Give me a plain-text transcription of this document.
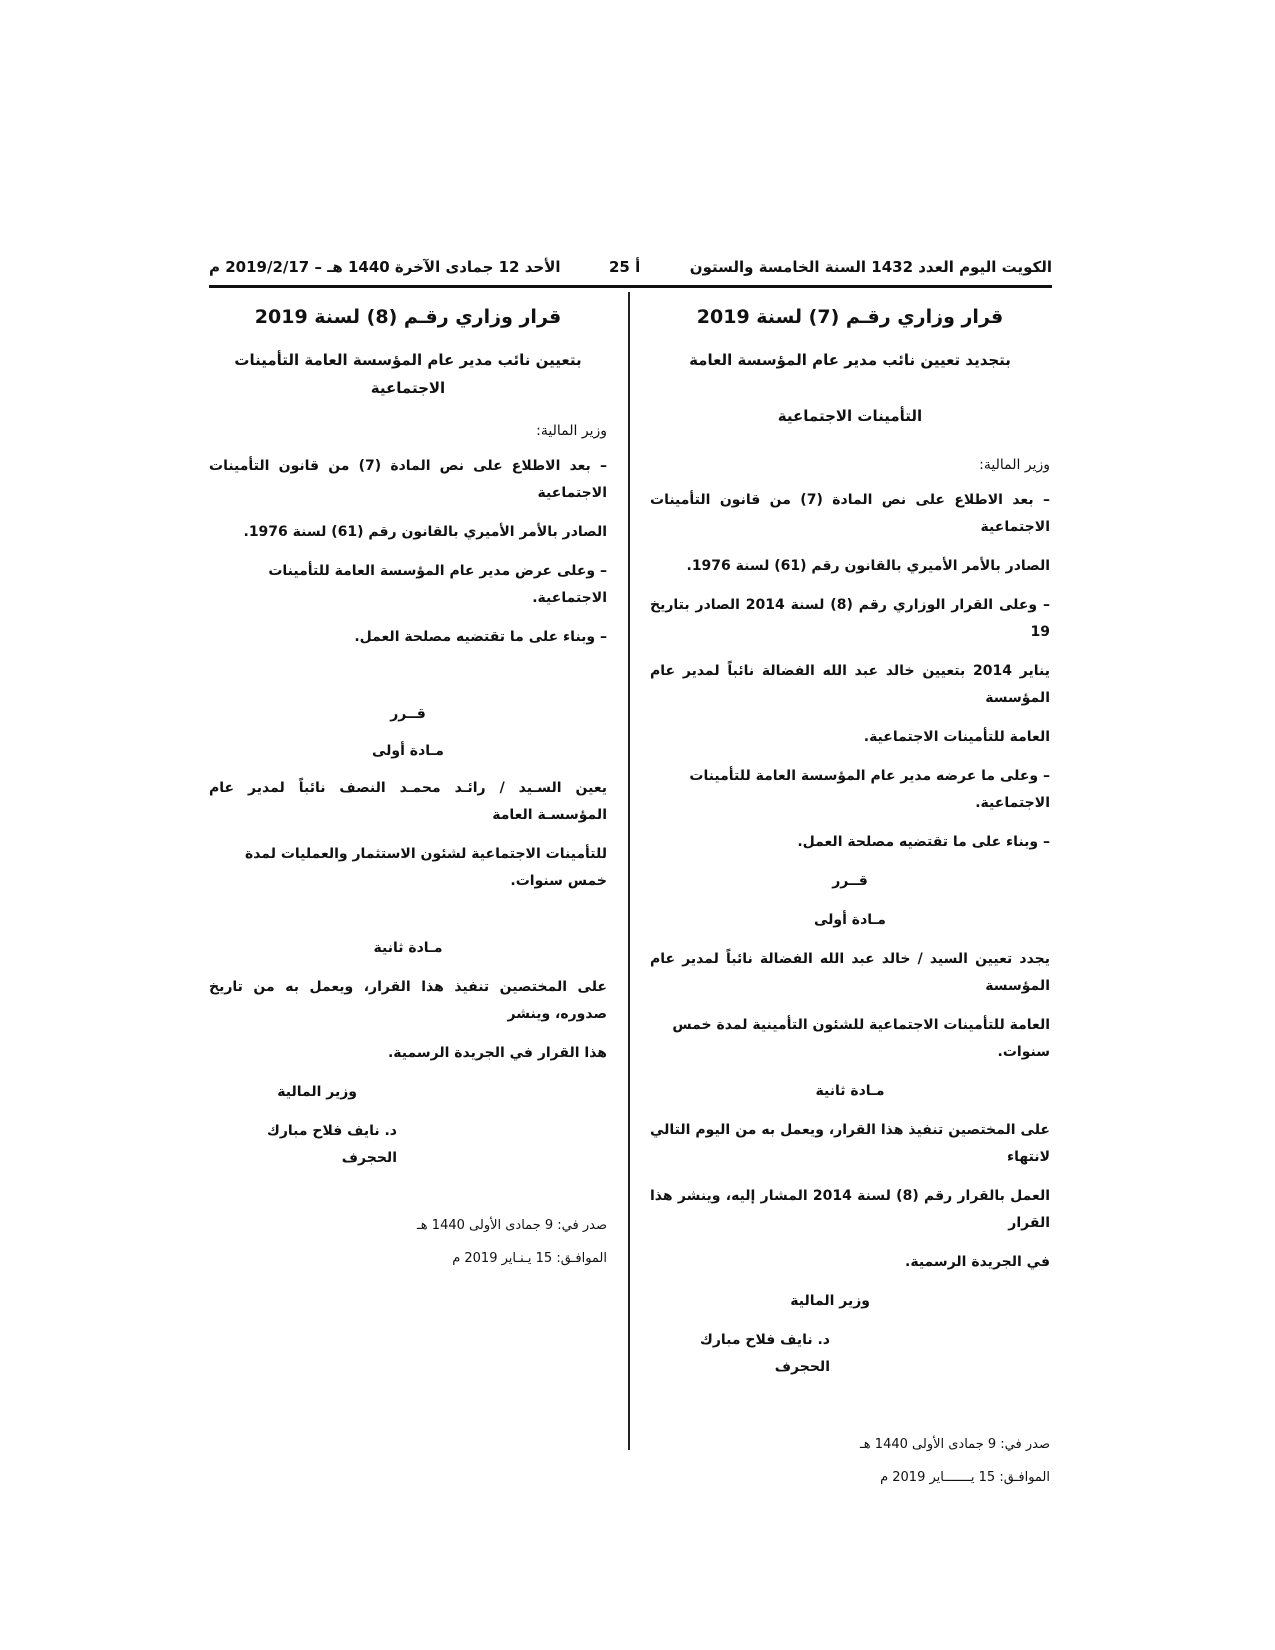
الأحد 12 جمادى الآخرة 1440 هـ – 2019/2/17 م	أ 25	الكويت اليوم العدد 1432 السنة الخامسة والستون
قرار وزاري رقـم (7) لسنة 2019
بتجديد تعيين نائب مدير عام المؤسسة العامة
التأمينات الاجتماعية
وزير المالية:
– بعد الاطلاع على نص المادة (7) من قانون التأمينات الاجتماعية
الصادر بالأمر الأميري بالقانون رقم (61) لسنة 1976.
– وعلى القرار الوزاري رقم (8) لسنة 2014 الصادر بتاريخ 19
يناير 2014 بتعيين خالد عبد الله الفضالة نائباً لمدير عام المؤسسة
العامة للتأمينات الاجتماعية.
– وعلى ما عرضه مدير عام المؤسسة العامة للتأمينات الاجتماعية.
– وبناء على ما تقتضيه مصلحة العمل.
قــرر
مـادة أولى
يجدد تعيين السيد / خالد عبد الله الفضالة نائباً لمدير عام المؤسسة
العامة للتأمينات الاجتماعية للشئون التأمينية لمدة خمس سنوات.
مـادة ثانية
على المختصين تنفيذ هذا القرار، ويعمل به من اليوم التالي لانتهاء
العمل بالقرار رقم (8) لسنة 2014 المشار إليه، وينشر هذا القرار
في الجريدة الرسمية.
وزير المالية
د. نايف فلاح مبارك الحجرف
صدر في: 9 جمادى الأولى 1440 هـ
الموافـق: 15 يـــــــاير 2019 م
قرار وزاري رقـم (8) لسنة 2019
بتعيين نائب مدير عام المؤسسة العامة التأمينات الاجتماعية
وزير المالية:
– بعد الاطلاع على نص المادة (7) من قانون التأمينات الاجتماعية
الصادر بالأمر الأميري بالقانون رقم (61) لسنة 1976.
– وعلى عرض مدير عام المؤسسة العامة للتأمينات الاجتماعية.
– وبناء على ما تقتضيه مصلحة العمل.
قــرر
مـادة أولى
يعين السـيد / رائـد محمـد النصف نائباً لمدير عام المؤسسـة العامة
للتأمينات الاجتماعية لشئون الاستثمار والعمليات لمدة خمس سنوات.
مـادة ثانية
على المختصين تنفيذ هذا القرار، ويعمل به من تاريخ صدوره، وينشر
هذا القرار في الجريدة الرسمية.
وزير المالية
د. نايف فلاح مبارك الحجرف
صدر في: 9 جمادى الأولى 1440 هـ
الموافـق: 15 يـنـاير 2019 م
